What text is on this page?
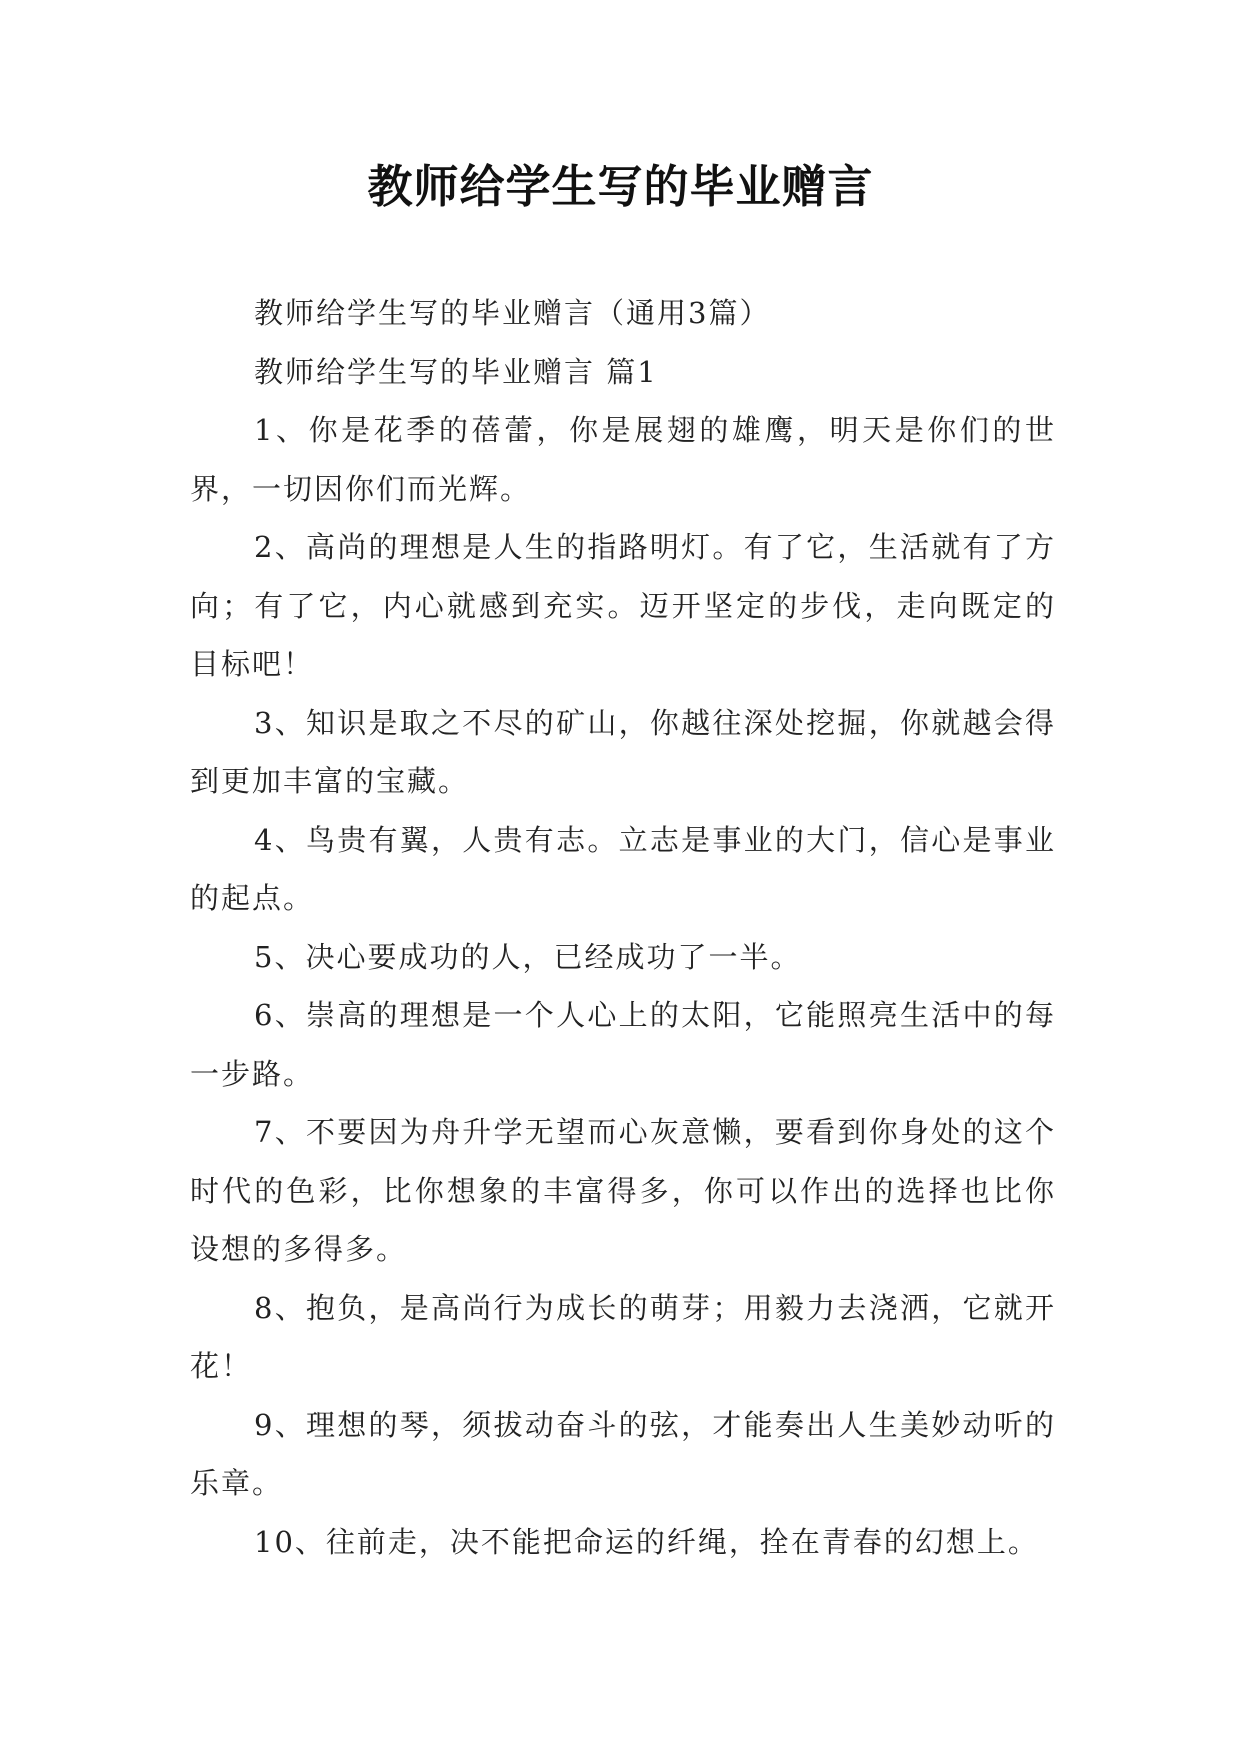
教师给学生写的毕业赠言

教师给学生写的毕业赠言（通用3篇）

教师给学生写的毕业赠言 篇1

1、你是花季的蓓蕾，你是展翅的雄鹰，明天是你们的世界，一切因你们而光辉。

2、高尚的理想是人生的指路明灯。有了它，生活就有了方向；有了它，内心就感到充实。迈开坚定的步伐，走向既定的目标吧！

3、知识是取之不尽的矿山，你越往深处挖掘，你就越会得到更加丰富的宝藏。

4、鸟贵有翼，人贵有志。立志是事业的大门，信心是事业的起点。

5、决心要成功的人，已经成功了一半。

6、崇高的理想是一个人心上的太阳，它能照亮生活中的每一步路。

7、不要因为舟升学无望而心灰意懒，要看到你身处的这个时代的色彩，比你想象的丰富得多，你可以作出的选择也比你设想的多得多。

8、抱负，是高尚行为成长的萌芽；用毅力去浇洒，它就开花！

9、理想的琴，须拔动奋斗的弦，才能奏出人生美妙动听的乐章。

10、往前走，决不能把命运的纤绳，拴在青春的幻想上。
